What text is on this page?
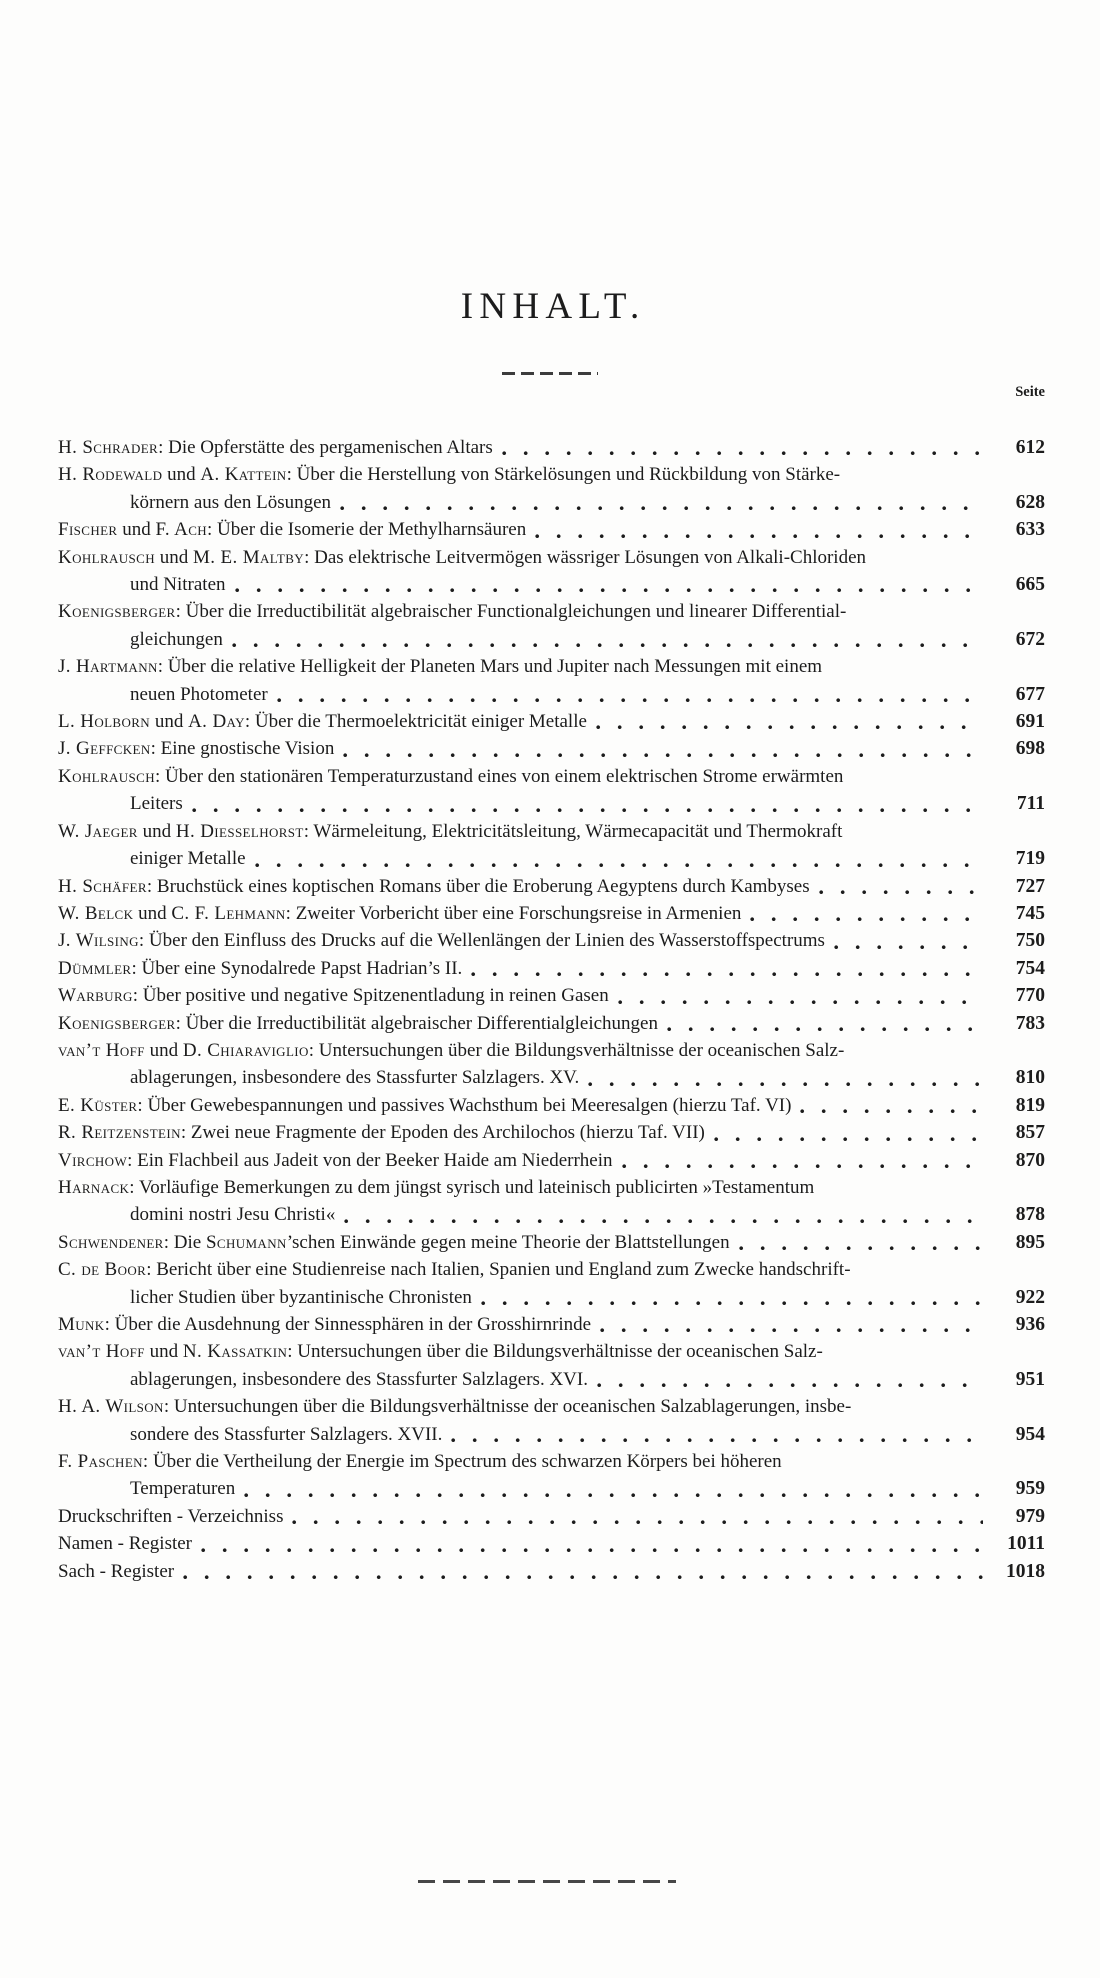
INHALT.
Seite
H. Schrader: Die Opferstätte des pergamenischen Altars	612
H. Rodewald und A. Kattein: Über die Herstellung von Stärkelösungen und Rückbildung von Stärke-
körnern aus den Lösungen	628
Fischer und F. Ach: Über die Isomerie der Methylharnsäuren	633
Kohlrausch und M. E. Maltby: Das elektrische Leitvermögen wässriger Lösungen von Alkali-Chloriden
und Nitraten	665
Koenigsberger: Über die Irreductibilität algebraischer Functionalgleichungen und linearer Differential-
gleichungen	672
J. Hartmann: Über die relative Helligkeit der Planeten Mars und Jupiter nach Messungen mit einem
neuen Photometer	677
L. Holborn und A. Day: Über die Thermoelektricität einiger Metalle	691
J. Geffcken: Eine gnostische Vision	698
Kohlrausch: Über den stationären Temperaturzustand eines von einem elektrischen Strome erwärmten
Leiters	711
W. Jaeger und H. Diesselhorst: Wärmeleitung, Elektricitätsleitung, Wärmecapacität und Thermokraft
einiger Metalle	719
H. Schäfer: Bruchstück eines koptischen Romans über die Eroberung Aegyptens durch Kambyses	727
W. Belck und C. F. Lehmann: Zweiter Vorbericht über eine Forschungsreise in Armenien	745
J. Wilsing: Über den Einfluss des Drucks auf die Wellenlängen der Linien des Wasserstoffspectrums	750
Dümmler: Über eine Synodalrede Papst Hadrian’s II.	754
Warburg: Über positive und negative Spitzenentladung in reinen Gasen	770
Koenigsberger: Über die Irreductibilität algebraischer Differentialgleichungen	783
van’t Hoff und D. Chiaraviglio: Untersuchungen über die Bildungsverhältnisse der oceanischen Salz-
ablagerungen, insbesondere des Stassfurter Salzlagers. XV.	810
E. Küster: Über Gewebespannungen und passives Wachsthum bei Meeresalgen (hierzu Taf. VI)	819
R. Reitzenstein: Zwei neue Fragmente der Epoden des Archilochos (hierzu Taf. VII)	857
Virchow: Ein Flachbeil aus Jadeit von der Beeker Haide am Niederrhein	870
Harnack: Vorläufige Bemerkungen zu dem jüngst syrisch und lateinisch publicirten »Testamentum
domini nostri Jesu Christi«	878
Schwendener: Die Schumann’schen Einwände gegen meine Theorie der Blattstellungen	895
C. de Boor: Bericht über eine Studienreise nach Italien, Spanien und England zum Zwecke handschrift-
licher Studien über byzantinische Chronisten	922
Munk: Über die Ausdehnung der Sinnessphären in der Grosshirnrinde	936
van’t Hoff und N. Kassatkin: Untersuchungen über die Bildungsverhältnisse der oceanischen Salz-
ablagerungen, insbesondere des Stassfurter Salzlagers. XVI.	951
H. A. Wilson: Untersuchungen über die Bildungsverhältnisse der oceanischen Salzablagerungen, insbe-
sondere des Stassfurter Salzlagers. XVII.	954
F. Paschen: Über die Vertheilung der Energie im Spectrum des schwarzen Körpers bei höheren
Temperaturen	959
Druckschriften - Verzeichniss	979
Namen - Register	1011
Sach - Register	1018
